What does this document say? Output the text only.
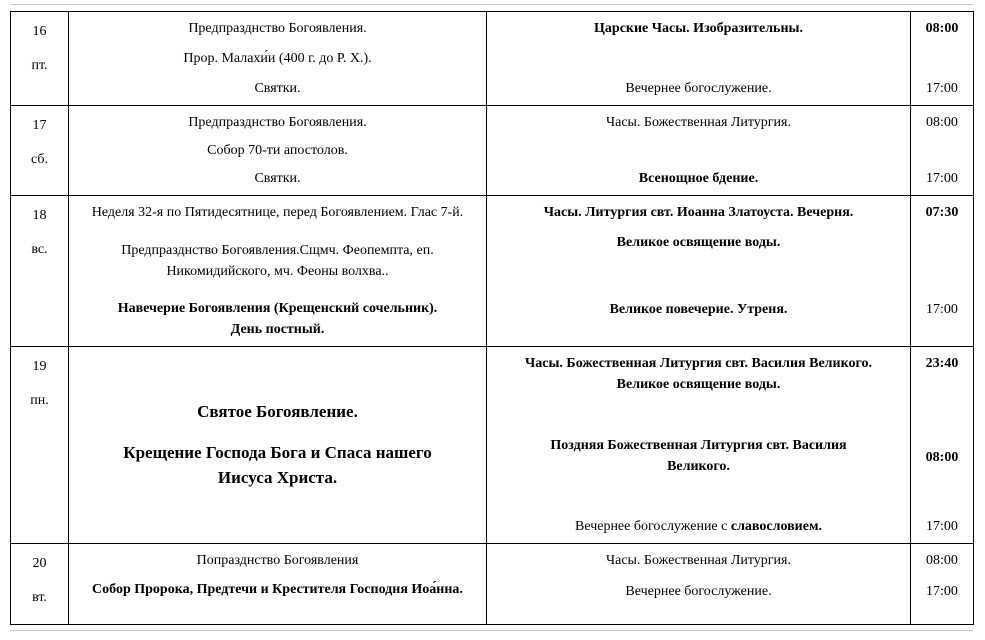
16

пт.

Предпразднство Богоявления.

Прор. Малахи́и (400 г. до Р. Х.).

Святки.

Царские Часы. Изобразительны.

Вечернее богослужение.

08:00

17:00

17

сб.

Предпразднство Богоявления.

Собор 70-ти апостолов.

Святки.

Часы. Божественная Литургия.

Всенощное бдение.

08:00

17:00

18

вс.

Неделя 32-я по Пятидесятнице, перед Богоявлением. Глас 7-й.

Предпразднство Богоявления.Сщмч. Феопемпта, еп. Никомидийского, мч. Феоны волхва..

Навечерие Богоявления (Крещенский сочельник). День постный.

Часы. Литургия свт. Иоанна Златоуста. Вечерня.

Великое освящение воды.

Великое повечерие. Утреня.

07:30

17:00

19

пн.

Святое Богоявление.

Крещение Господа Бога и Спаса нашего Иисуса Христа.

Часы. Божественная Литургия свт. Василия Великого. Великое освящение воды.

Поздняя Божественная Литургия свт. Василия Великого.

Вечернее богослужение с славословием.

23:40

08:00

17:00

20

вт.

Попразднство Богоявления

Собор Пророка, Предтечи и Крестителя Господня Иоа́нна.

Часы. Божественная Литургия.

Вечернее богослужение.

08:00

17:00
